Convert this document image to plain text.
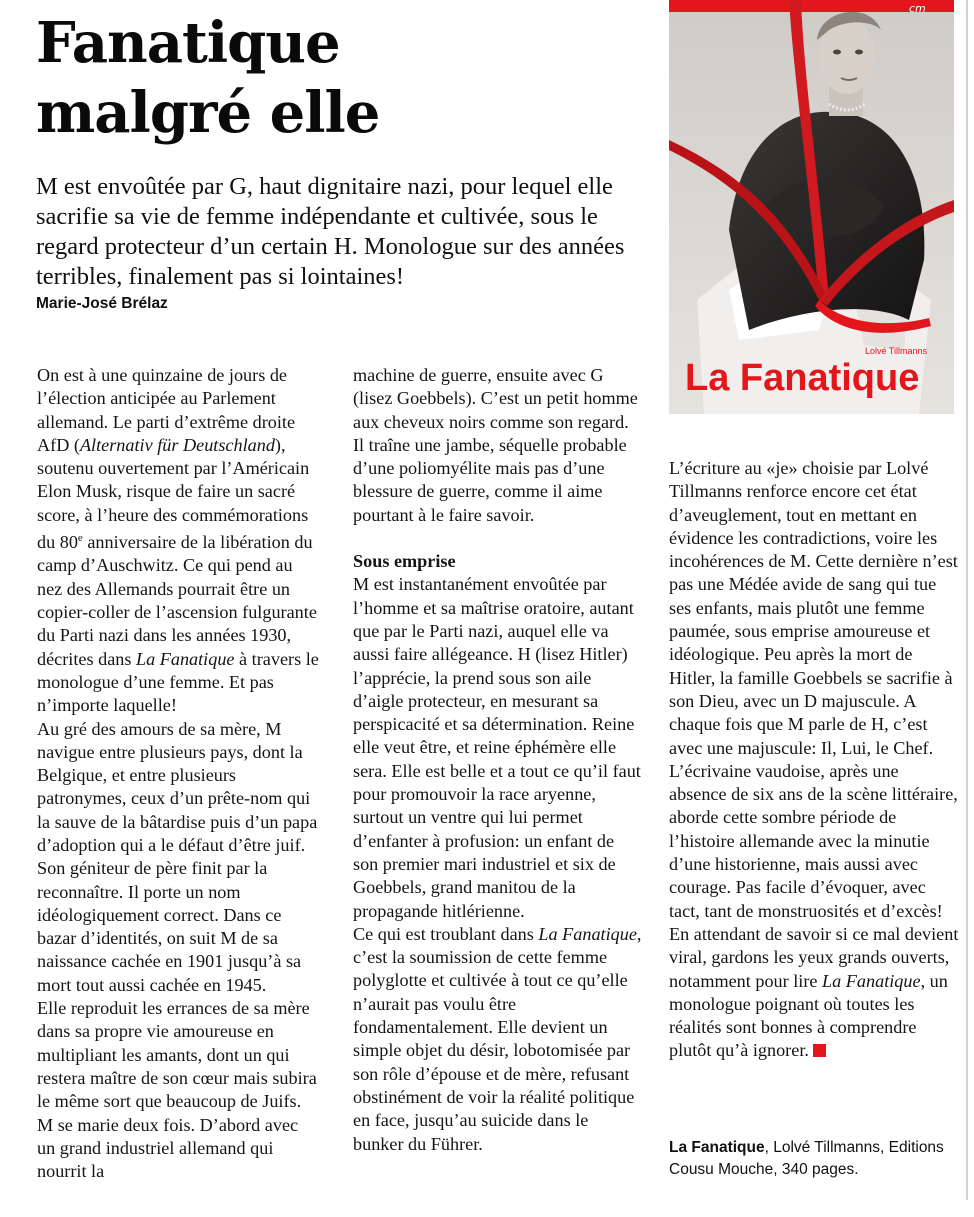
Fanatique
malgré elle

M est envoûtée par G, haut dignitaire nazi, pour lequel elle sacrifie sa vie de femme indépendante et cultivée, sous le regard protecteur d’un certain H. Monologue sur des années terribles, finalement pas si lointaines!

Marie-José Brélaz
cm
Lolvé Tillmanns
La Fanatique

On est à une quinzaine de jours de l’élection anticipée au Parlement allemand. Le parti d’extrême droite AfD (Alternativ für Deutschland), soutenu ouvertement par l’Américain Elon Musk, risque de faire un sacré score, à l’heure des commémorations du 80e anniversaire de la libération du camp d’Auschwitz. Ce qui pend au nez des Allemands pourrait être un copier-coller de l’ascension fulgurante du Parti nazi dans les années 1930, décrites dans La Fanatique à travers le monologue d’une femme. Et pas n’importe laquelle!

Au gré des amours de sa mère, M navigue entre plusieurs pays, dont la Belgique, et entre plusieurs patronymes, ceux d’un prête-nom qui la sauve de la bâtardise puis d’un papa d’adoption qui a le défaut d’être juif. Son géniteur de père finit par la reconnaître. Il porte un nom idéologiquement correct. Dans ce bazar d’identités, on suit M de sa naissance cachée en 1901 jusqu’à sa mort tout aussi cachée en 1945.

Elle reproduit les errances de sa mère dans sa propre vie amoureuse en multipliant les amants, dont un qui restera maître de son cœur mais subira le même sort que beaucoup de Juifs. M se marie deux fois. D’abord avec un grand industriel allemand qui nourrit la

machine de guerre, ensuite avec G (lisez Goebbels). C’est un petit homme aux cheveux noirs comme son regard. Il traîne une jambe, séquelle probable d’une poliomyélite mais pas d’une blessure de guerre, comme il aime pourtant à le faire savoir.

Sous emprise

M est instantanément envoûtée par l’homme et sa maîtrise oratoire, autant que par le Parti nazi, auquel elle va aussi faire allégeance. H (lisez Hitler) l’apprécie, la prend sous son aile d’aigle protecteur, en mesurant sa perspicacité et sa détermination. Reine elle veut être, et reine éphémère elle sera. Elle est belle et a tout ce qu’il faut pour promouvoir la race aryenne, surtout un ventre qui lui permet d’enfanter à profusion: un enfant de son premier mari industriel et six de Goebbels, grand manitou de la propagande hitlérienne.

Ce qui est troublant dans La Fanatique, c’est la soumission de cette femme polyglotte et cultivée à tout ce qu’elle n’aurait pas voulu être fondamentalement. Elle devient un simple objet du désir, lobotomisée par son rôle d’épouse et de mère, refusant obstinément de voir la réalité politique en face, jusqu’au suicide dans le bunker du Führer.

L’écriture au «je» choisie par Lolvé Tillmanns renforce encore cet état d’aveuglement, tout en mettant en évidence les contradictions, voire les incohérences de M. Cette dernière n’est pas une Médée avide de sang qui tue ses enfants, mais plutôt une femme paumée, sous emprise amoureuse et idéologique. Peu après la mort de Hitler, la famille Goebbels se sacrifie à son Dieu, avec un D majuscule. A chaque fois que M parle de H, c’est avec une majuscule: Il, Lui, le Chef.

L’écrivaine vaudoise, après une absence de six ans de la scène littéraire, aborde cette sombre période de l’histoire allemande avec la minutie d’une historienne, mais aussi avec courage. Pas facile d’évoquer, avec tact, tant de monstruosités et d’excès! En attendant de savoir si ce mal devient viral, gardons les yeux grands ouverts, notamment pour lire La Fanatique, un monologue poignant où toutes les réalités sont bonnes à comprendre plutôt qu’à ignorer.

La Fanatique, Lolvé Tillmanns, Editions Cousu Mouche, 340 pages.
